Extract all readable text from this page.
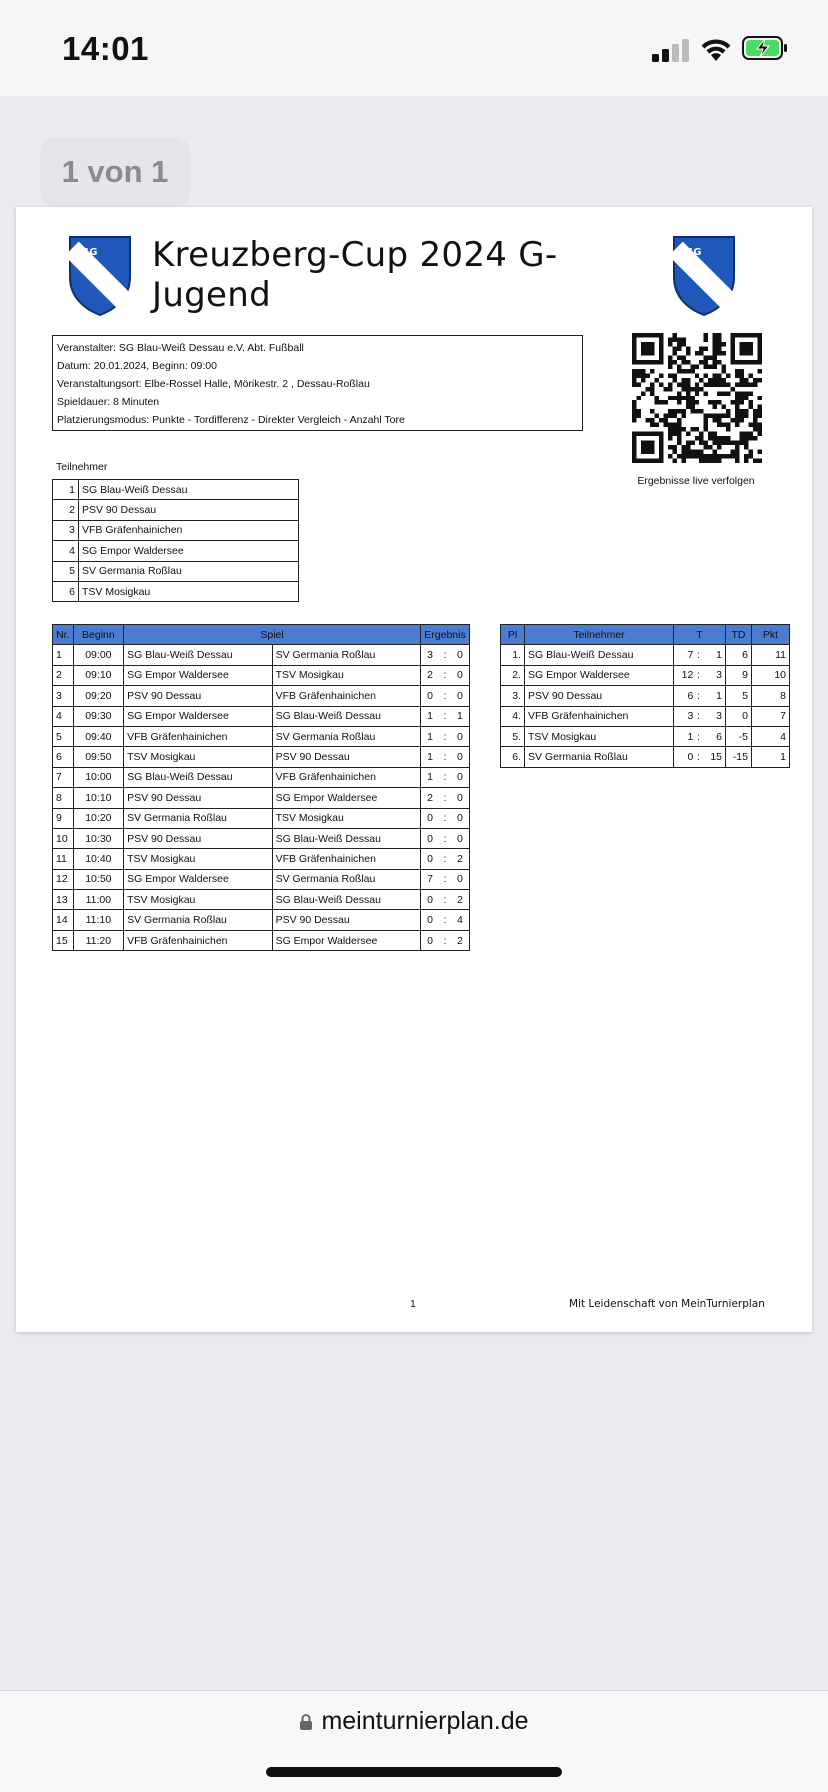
14:01
1 von 1
SG	SG
Kreuzberg-Cup 2024 G-Jugend
Veranstalter: SG Blau-Weiß Dessau e.V. Abt. Fußball
Datum: 20.01.2024, Beginn: 09:00
Veranstaltungsort: Elbe-Rossel Halle, Mörikestr. 2 , Dessau-Roßlau
Spieldauer: 8 Minuten
Platzierungsmodus: Punkte - Tordifferenz - Direkter Vergleich - Anzahl Tore
Ergebnisse live verfolgen
Teilnehmer
1	SG Blau-Weiß Dessau
2	PSV 90 Dessau
3	VFB Gräfenhainichen
4	SG Empor Waldersee
5	SV Germania Roßlau
6	TSV Mosigkau
Nr.	Beginn	Spiel		Ergebnis		
1	09:00	SG Blau-Weiß Dessau	SV Germania Roßlau	3	:	0
2	09:10	SG Empor Waldersee	TSV Mosigkau	2	:	0
3	09:20	PSV 90 Dessau	VFB Gräfenhainichen	0	:	0
4	09:30	SG Empor Waldersee	SG Blau-Weiß Dessau	1	:	1
5	09:40	VFB Gräfenhainichen	SV Germania Roßlau	1	:	0
6	09:50	TSV Mosigkau	PSV 90 Dessau	1	:	0
7	10:00	SG Blau-Weiß Dessau	VFB Gräfenhainichen	1	:	0
8	10:10	PSV 90 Dessau	SG Empor Waldersee	2	:	0
9	10:20	SV Germania Roßlau	TSV Mosigkau	0	:	0
10	10:30	PSV 90 Dessau	SG Blau-Weiß Dessau	0	:	0
11	10:40	TSV Mosigkau	VFB Gräfenhainichen	0	:	2
12	10:50	SG Empor Waldersee	SV Germania Roßlau	7	:	0
13	11:00	TSV Mosigkau	SG Blau-Weiß Dessau	0	:	2
14	11:10	SV Germania Roßlau	PSV 90 Dessau	0	:	4
15	11:20	VFB Gräfenhainichen	SG Empor Waldersee	0	:	2
Pl	Teilnehmer	T			TD	Pkt
1.	SG Blau-Weiß Dessau	7	:	1	6	11
2.	SG Empor Waldersee	12	:	3	9	10
3.	PSV 90 Dessau	6	:	1	5	8
4.	VFB Gräfenhainichen	3	:	3	0	7
5.	TSV Mosigkau	1	:	6	-5	4
6.	SV Germania Roßlau	0	:	15	-15	1
1	Mit Leidenschaft von MeinTurnierplan
meinturnierplan.de
